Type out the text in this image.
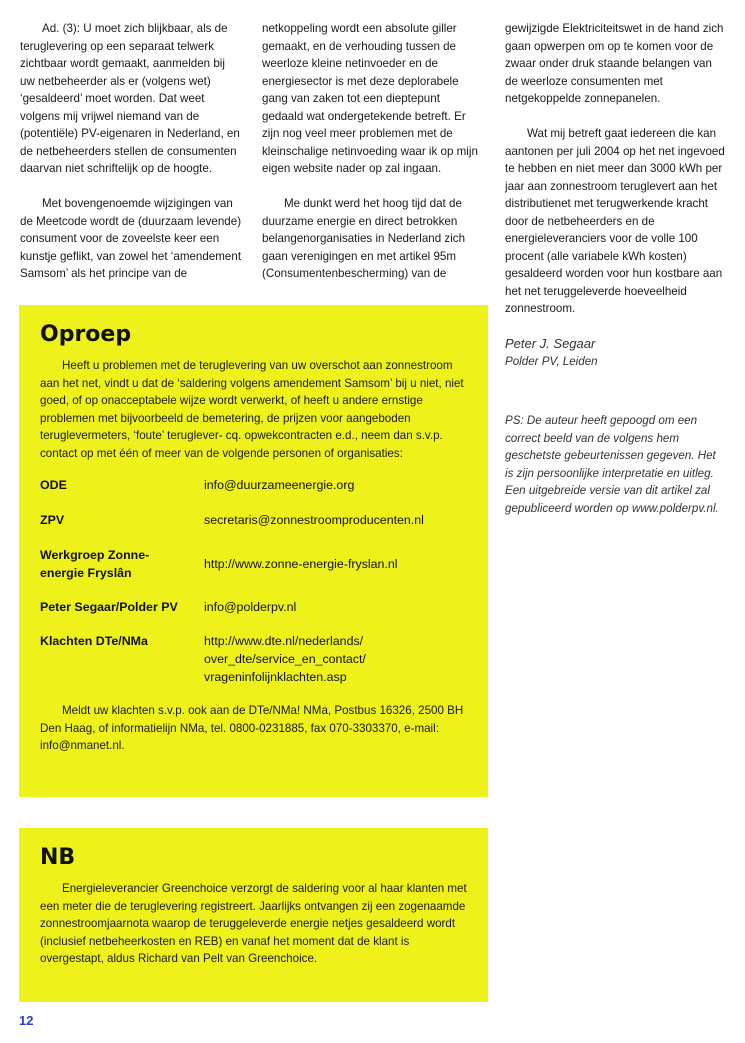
Ad. (3): U moet zich blijkbaar, als de teruglevering op een separaat telwerk zichtbaar wordt gemaakt, aanmelden bij uw netbeheerder als er (volgens wet) ‘gesaldeerd’ moet worden. Dat weet volgens mij vrijwel niemand van de (potentiële) PV-eigenaren in Nederland, en de netbeheerders stellen de consumenten daarvan niet schriftelijk op de hoogte.

Met bovengenoemde wijzigingen van de Meetcode wordt de (duurzaam levende) consument voor de zoveelste keer een kunstje geflikt, van zowel het ‘amendement Samsom’ als het principe van de

netkoppeling wordt een absolute giller gemaakt, en de verhouding tussen de weerloze kleine netinvoeder en de energiesector is met deze deplorabele gang van zaken tot een dieptepunt gedaald wat ondergetekende betreft. Er zijn nog veel meer problemen met de kleinschalige netinvoeding waar ik op mijn eigen website nader op zal ingaan.

Me dunkt werd het hoog tijd dat de duurzame energie en direct betrokken belangenorganisaties in Nederland zich gaan verenigingen en met artikel 95m (Consumentenbescherming) van de

gewijzigde Elektriciteitswet in de hand zich gaan opwerpen om op te komen voor de zwaar onder druk staande belangen van de weerloze consumenten met netgekoppelde zonnepanelen.

Wat mij betreft gaat iedereen die kan aantonen per juli 2004 op het net ingevoed te hebben en niet meer dan 3000 kWh per jaar aan zonnestroom teruglevert aan het distributienet met terugwerkende kracht door de netbeheerders en de energieleveranciers voor de volle 100 procent (alle variabele kWh kosten) gesaldeerd worden voor hun kostbare aan het net teruggeleverde hoeveelheid zonnestroom.

Peter J. Segaar
Polder PV, Leiden
PS: De auteur heeft gepoogd om een correct beeld van de volgens hem geschetste gebeurtenissen gegeven. Het is zijn persoonlijke interpretatie en uitleg. Een uitgebreide versie van dit artikel zal gepubliceerd worden op www.polderpv.nl.
Oproep

Heeft u problemen met de teruglevering van uw overschot aan zonnestroom aan het net, vindt u dat de ‘saldering volgens amendement Samsom’ bij u niet, niet goed, of op onacceptabele wijze wordt verwerkt, of heeft u andere ernstige problemen met bijvoorbeeld de bemetering, de prijzen voor aangeboden teruglevermeters, ‘foute’ teruglever- cq. opwekcontracten e.d., neem dan s.v.p. contact op met één of meer van de volgende personen of organisaties:

ODE	info@duurzameenergie.org
ZPV	secretaris@zonnestroomproducenten.nl
Werkgroep Zonne-
energie Fryslân
http://www.zonne-energie-fryslan.nl
Peter Segaar/Polder PV	info@polderpv.nl
Klachten DTe/NMa	http://www.dte.nl/nederlands/
over_dte/service_en_contact/
vrageninfolijnklachten.asp

Meldt uw klachten s.v.p. ook aan de DTe/NMa! NMa, Postbus 16326, 2500 BH Den Haag, of informatielijn NMa, tel. 0800-0231885, fax 070-3303370, e-mail: info@nmanet.nl.

NB

Energieleverancier Greenchoice verzorgt de saldering voor al haar klanten met een meter die de teruglevering registreert. Jaarlijks ontvangen zij een zogenaamde zonnestroomjaarnota waarop de teruggeleverde energie netjes gesaldeerd wordt (inclusief netbeheerkosten en REB) en vanaf het moment dat de klant is overgestapt, aldus Richard van Pelt van Greenchoice.

12
